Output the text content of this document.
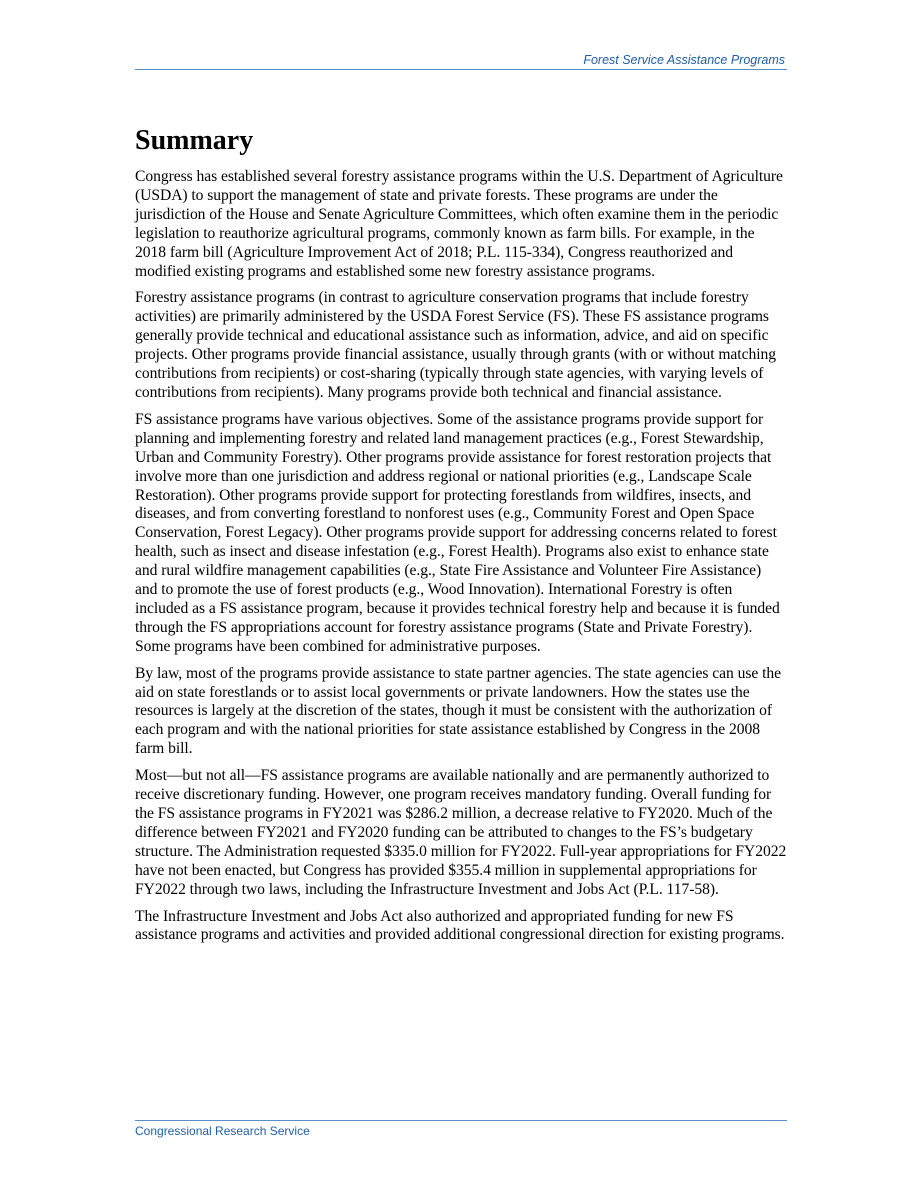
Forest Service Assistance Programs
Summary

Congress has established several forestry assistance programs within the U.S. Department of Agriculture (USDA) to support the management of state and private forests. These programs are under the jurisdiction of the House and Senate Agriculture Committees, which often examine them in the periodic legislation to reauthorize agricultural programs, commonly known as farm bills. For example, in the 2018 farm bill (Agriculture Improvement Act of 2018; P.L. 115-334), Congress reauthorized and modified existing programs and established some new forestry assistance programs.

Forestry assistance programs (in contrast to agriculture conservation programs that include forestry activities) are primarily administered by the USDA Forest Service (FS). These FS assistance programs generally provide technical and educational assistance such as information, advice, and aid on specific projects. Other programs provide financial assistance, usually through grants (with or without matching contributions from recipients) or cost-sharing (typically through state agencies, with varying levels of contributions from recipients). Many programs provide both technical and financial assistance.

FS assistance programs have various objectives. Some of the assistance programs provide support for planning and implementing forestry and related land management practices (e.g., Forest Stewardship, Urban and Community Forestry). Other programs provide assistance for forest restoration projects that involve more than one jurisdiction and address regional or national priorities (e.g., Landscape Scale Restoration). Other programs provide support for protecting forestlands from wildfires, insects, and diseases, and from converting forestland to nonforest uses (e.g., Community Forest and Open Space Conservation, Forest Legacy). Other programs provide support for addressing concerns related to forest health, such as insect and disease infestation (e.g., Forest Health). Programs also exist to enhance state and rural wildfire management capabilities (e.g., State Fire Assistance and Volunteer Fire Assistance) and to promote the use of forest products (e.g., Wood Innovation). International Forestry is often included as a FS assistance program, because it provides technical forestry help and because it is funded through the FS appropriations account for forestry assistance programs (State and Private Forestry). Some programs have been combined for administrative purposes.

By law, most of the programs provide assistance to state partner agencies. The state agencies can use the aid on state forestlands or to assist local governments or private landowners. How the states use the resources is largely at the discretion of the states, though it must be consistent with the authorization of each program and with the national priorities for state assistance established by Congress in the 2008 farm bill.

Most—but not all—FS assistance programs are available nationally and are permanently authorized to receive discretionary funding. However, one program receives mandatory funding. Overall funding for the FS assistance programs in FY2021 was $286.2 million, a decrease relative to FY2020. Much of the difference between FY2021 and FY2020 funding can be attributed to changes to the FS’s budgetary structure. The Administration requested $335.0 million for FY2022. Full-year appropriations for FY2022 have not been enacted, but Congress has provided $355.4 million in supplemental appropriations for FY2022 through two laws, including the Infrastructure Investment and Jobs Act (P.L. 117-58).

The Infrastructure Investment and Jobs Act also authorized and appropriated funding for new FS assistance programs and activities and provided additional congressional direction for existing programs.

Congressional Research Service
